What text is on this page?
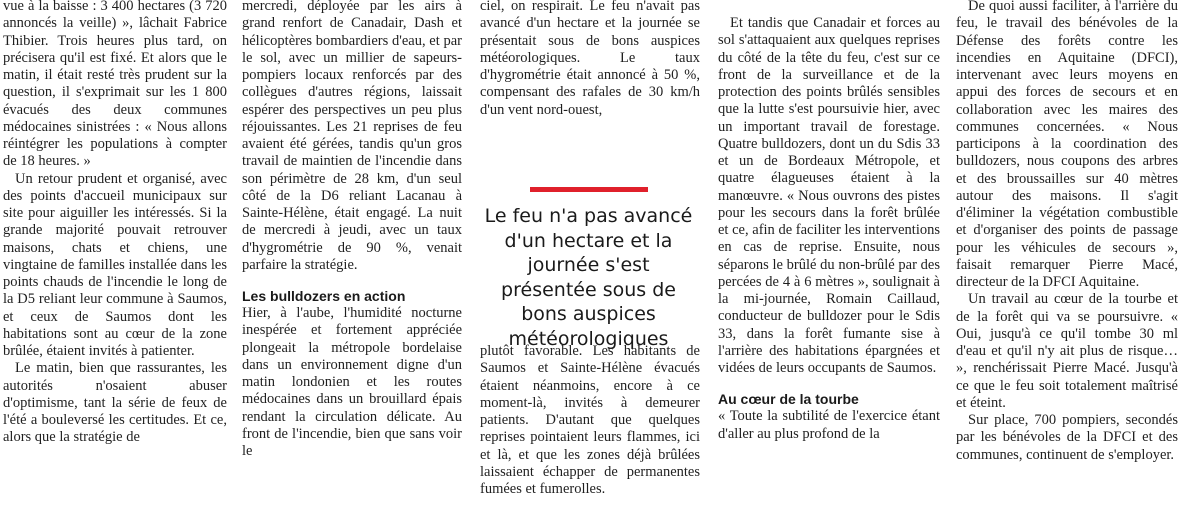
vue à la baisse : 3 400 hectares (3 720 annoncés la veille) », lâchait Fabrice Thibier. Trois heures plus tard, on précisera qu'il est fixé. Et alors que le matin, il était resté très prudent sur la question, il s'exprimait sur les 1 800 évacués des deux communes médocaines sinistrées : « Nous allons réintégrer les populations à compter de 18 heures. »

Un retour prudent et organisé, avec des points d'accueil municipaux sur site pour aiguiller les intéressés. Si la grande majorité pouvait retrouver maisons, chats et chiens, une vingtaine de familles installée dans les points chauds de l'incendie le long de la D5 reliant leur commune à Saumos, et ceux de Saumos dont les habitations sont au cœur de la zone brûlée, étaient invités à patienter.

Le matin, bien que rassurantes, les autorités n'osaient abuser d'optimisme, tant la série de feux de l'été a bouleversé les certitudes. Et ce, alors que la stratégie de

mercredi, déployée par les airs à grand renfort de Canadair, Dash et hélicoptères bombardiers d'eau, et par le sol, avec un millier de sapeurs-pompiers locaux renforcés par des collègues d'autres régions, laissait espérer des perspectives un peu plus réjouissantes. Les 21 reprises de feu avaient été gérées, tandis qu'un gros travail de maintien de l'incendie dans son périmètre de 28 km, d'un seul côté de la D6 reliant Lacanau à Sainte-Hélène, était engagé. La nuit de mercredi à jeudi, avec un taux d'hygrométrie de 90 %, venait parfaire la stratégie.

Les bulldozers en action

Hier, à l'aube, l'humidité nocturne inespérée et fortement appréciée plongeait la métropole bordelaise dans un environnement digne d'un matin londonien et les routes médocaines dans un brouillard épais rendant la circulation délicate. Au front de l'incendie, bien que sans voir le

ciel, on respirait. Le feu n'avait pas avancé d'un hectare et la journée se présentait sous de bons auspices météorologiques. Le taux d'hygrométrie était annoncé à 50 %, compensant des rafales de 30 km/h d'un vent nord-ouest,

Le feu n'a pas avancé d'un hectare et la journée s'est présentée sous de bons auspices météorologiques

plutôt favorable. Les habitants de Saumos et Sainte-Hélène évacués étaient néanmoins, encore à ce moment-là, invités à demeurer patients. D'autant que quelques reprises pointaient leurs flammes, ici et là, et que les zones déjà brûlées laissaient échapper de permanentes fumées et fumerolles.

Et tandis que Canadair et forces au sol s'attaquaient aux quelques reprises du côté de la tête du feu, c'est sur ce front de la surveillance et de la protection des points brûlés sensibles que la lutte s'est poursuivie hier, avec un important travail de forestage. Quatre bulldozers, dont un du Sdis 33 et un de Bordeaux Métropole, et quatre élagueuses étaient à la manœuvre. « Nous ouvrons des pistes pour les secours dans la forêt brûlée et ce, afin de faciliter les interventions en cas de reprise. Ensuite, nous séparons le brûlé du non-brûlé par des percées de 4 à 6 mètres », soulignait à la mi-journée, Romain Caillaud, conducteur de bulldozer pour le Sdis 33, dans la forêt fumante sise à l'arrière des habitations épargnées et vidées de leurs occupants de Saumos.

Au cœur de la tourbe

« Toute la subtilité de l'exercice étant d'aller au plus profond de la

De quoi aussi faciliter, à l'arrière du feu, le travail des bénévoles de la Défense des forêts contre les incendies en Aquitaine (DFCI), intervenant avec leurs moyens en appui des forces de secours et en collaboration avec les maires des communes concernées. « Nous participons à la coordination des bulldozers, nous coupons des arbres et des broussailles sur 40 mètres autour des maisons. Il s'agit d'éliminer la végétation combustible et d'organiser des points de passage pour les véhicules de secours », faisait remarquer Pierre Macé, directeur de la DFCI Aquitaine.

Un travail au cœur de la tourbe et de la forêt qui va se poursuivre. « Oui, jusqu'à ce qu'il tombe 30 ml d'eau et qu'il n'y ait plus de risque… », renchérissait Pierre Macé. Jusqu'à ce que le feu soit totalement maîtrisé et éteint.

Sur place, 700 pompiers, secondés par les bénévoles de la DFCI et des communes, continuent de s'employer.
